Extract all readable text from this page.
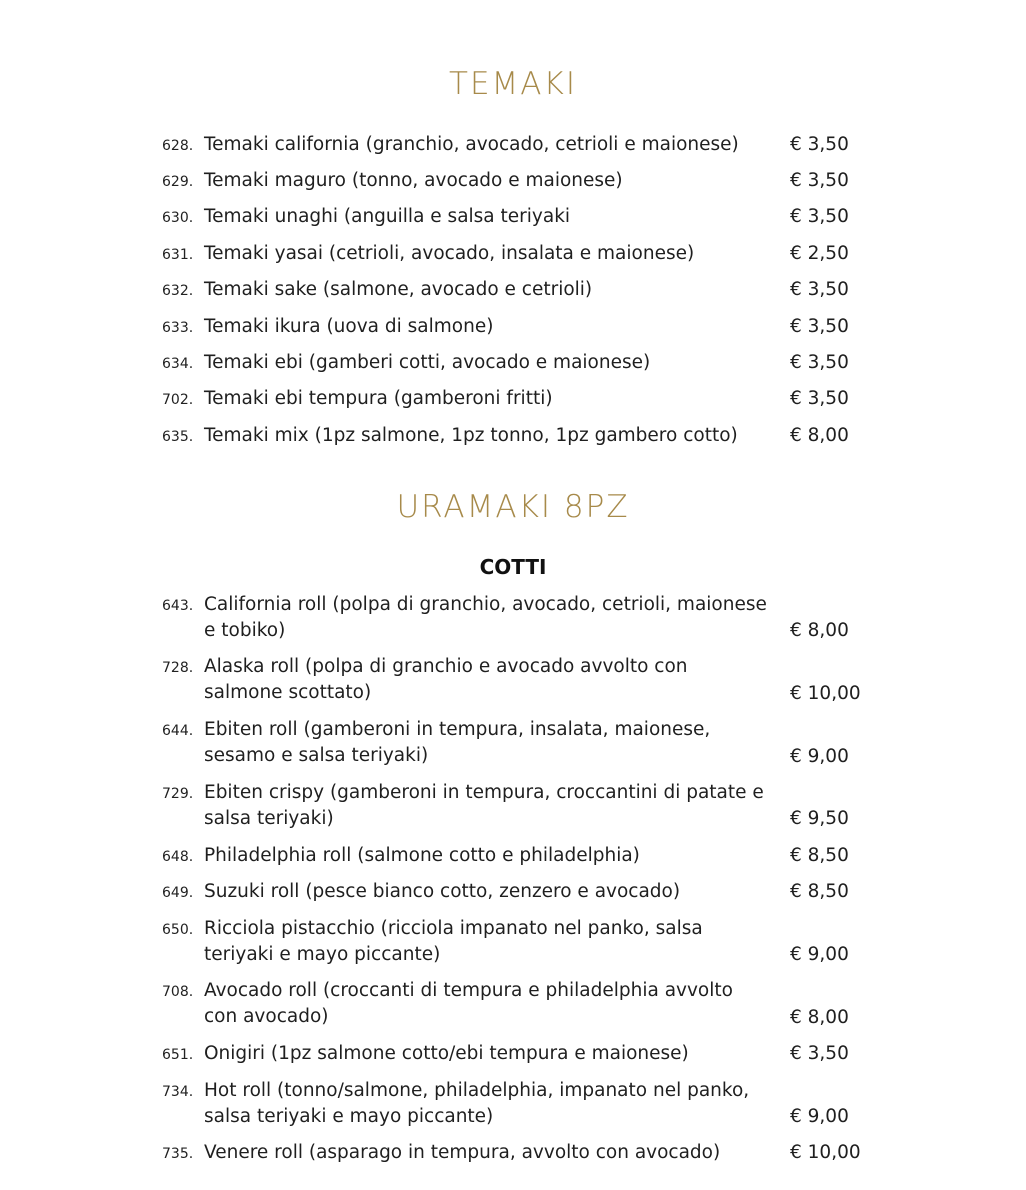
TEMAKI
628. Temaki california (granchio, avocado, cetrioli e maionese)	€ 3,50
629. Temaki maguro (tonno, avocado e maionese)	€ 3,50
630. Temaki unaghi (anguilla e salsa teriyaki	€ 3,50
631. Temaki yasai (cetrioli, avocado, insalata e maionese)	€ 2,50
632. Temaki sake (salmone, avocado e cetrioli)	€ 3,50
633. Temaki ikura (uova di salmone)	€ 3,50
634. Temaki ebi (gamberi cotti, avocado e maionese)	€ 3,50
702. Temaki ebi tempura (gamberoni fritti)	€ 3,50
635. Temaki mix (1pz salmone, 1pz tonno, 1pz gambero cotto)	€ 8,00
URAMAKI 8PZ
COTTI
643. California roll (polpa di granchio, avocado, cetrioli, maionese e tobiko)	€ 8,00
728. Alaska roll (polpa di granchio e avocado avvolto con salmone scottato)	€ 10,00
644. Ebiten roll (gamberoni in tempura, insalata, maionese, sesamo e salsa teriyaki)	€ 9,00
729. Ebiten crispy (gamberoni in tempura, croccantini di patate e salsa teriyaki)	€ 9,50
648. Philadelphia roll (salmone cotto e philadelphia)	€ 8,50
649. Suzuki roll (pesce bianco cotto, zenzero e avocado)	€ 8,50
650. Ricciola pistacchio (ricciola impanato nel panko, salsa teriyaki e mayo piccante)	€ 9,00
708. Avocado roll (croccanti di tempura e philadelphia avvolto con avocado)	€ 8,00
651. Onigiri (1pz salmone cotto/ebi tempura e maionese)	€ 3,50
734. Hot roll (tonno/salmone, philadelphia, impanato nel panko, salsa teriyaki e mayo piccante)	€ 9,00
735. Venere roll (asparago in tempura, avvolto con avocado)	€ 10,00
